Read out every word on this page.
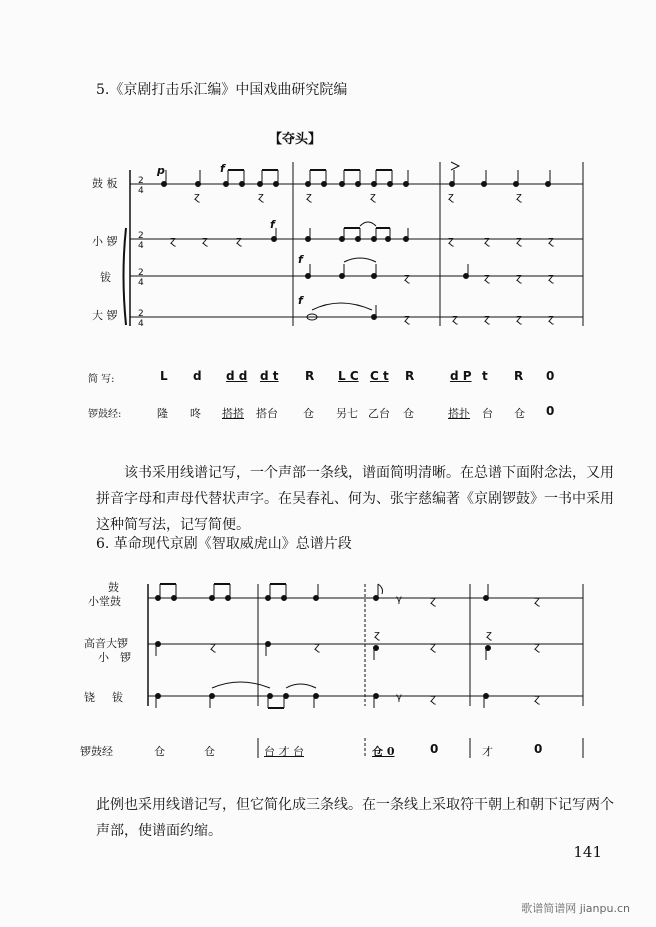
5.《京剧打击乐汇编》中国戏曲研究院编
【夺头】
鼓 板
小 锣
钹
大 锣
2
4
2
4
2
4
2
4
p	f
f
f
f
ɀ	ɀ	ɀ	ɀ	ɀ	ɀ
ɀ ɀ	ɀ	ɀ	ɀ ɀ ɀ
ɀ	ɀ ɀ ɀ
ɀ	ɀ ɀ ɀ ɀ
简 写:	L d d d d t R L C C t R	d P t R 0
锣鼓经:	隆 咚 搭搭 搭台 仓 另七 乙台 仓	搭扑 台 仓 0
该书采用线谱记写，一个声部一条线，谱面简明清晰。在总谱下面附念法，又用拼音字母和声母代替状声字。在吴春礼、何为、张宇慈编著《京剧锣鼓》一书中采用这种简写法，记写简便。
6. 革命现代京剧《智取威虎山》总谱片段
鼓
小堂鼓
高音大锣
小　锣
铙 钹
γ	ɀ	ɀ
ɀ	ɀ
ɀ
ɀ
ɀ
ɀ
γ	ɀ	ɀ
锣鼓经	仓	仓	台 才 台	仓 0	0	才	0
此例也采用线谱记写，但它简化成三条线。在一条线上采取符干朝上和朝下记写两个声部，使谱面约缩。
141
歌谱简谱网 jianpu.cn
